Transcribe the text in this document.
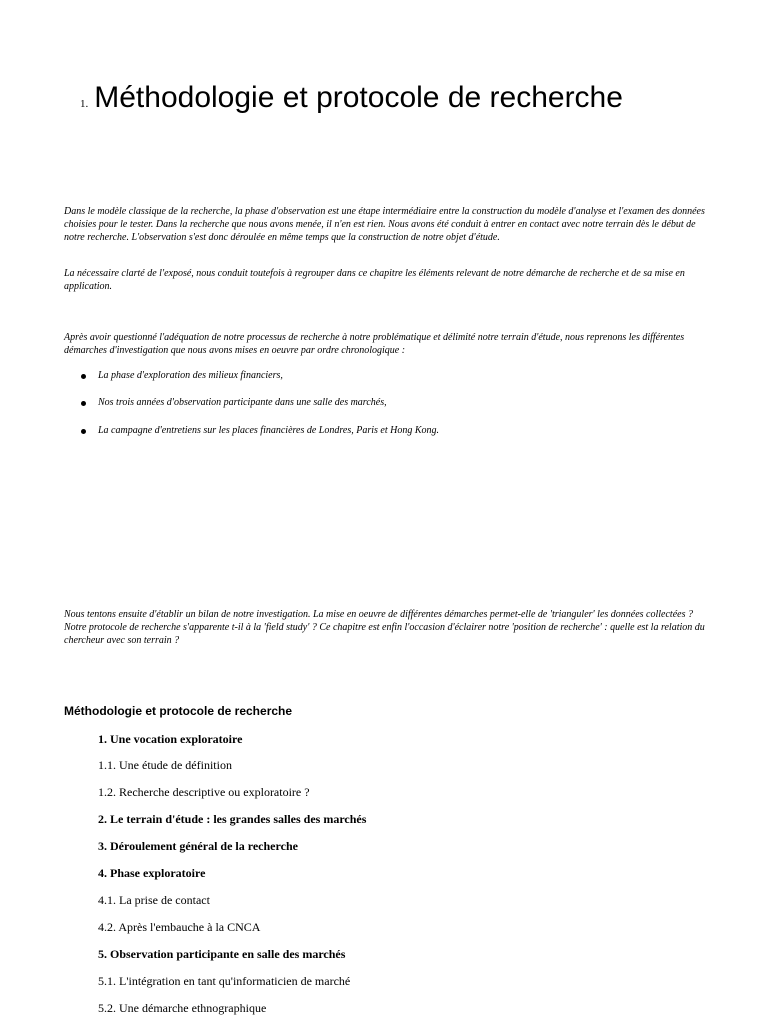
1. Méthodologie et protocole de recherche

Dans le modèle classique de la recherche, la phase d'observation est une étape intermédiaire entre la construction du modèle d'analyse et l'examen des données choisies pour le tester. Dans la recherche que nous avons menée, il n'en est rien. Nous avons été conduit à entrer en contact avec notre terrain dès le début de notre recherche. L'observation s'est donc déroulée en même temps que la construction de notre objet d'étude.

La nécessaire clarté de l'exposé, nous conduit toutefois à regrouper dans ce chapitre les éléments relevant de notre démarche de recherche et de sa mise en application.

Après avoir questionné l'adéquation de notre processus de recherche à notre problématique et délimité notre terrain d'étude, nous reprenons les différentes démarches d'investigation que nous avons mises en oeuvre par ordre chronologique :

La phase d'exploration des milieux financiers,
Nos trois années d'observation participante dans une salle des marchés,
La campagne d'entretiens sur les places financières de Londres, Paris et Hong Kong.

Nous tentons ensuite d'établir un bilan de notre investigation. La mise en oeuvre de différentes démarches permet-elle de 'trianguler' les données collectées ? Notre protocole de recherche s'apparente t-il à la 'field study' ? Ce chapitre est enfin l'occasion d'éclairer notre 'position de recherche' : quelle est la relation du chercheur avec son terrain ?

Méthodologie et protocole de recherche
1. Une vocation exploratoire
1.1. Une étude de définition
1.2. Recherche descriptive ou exploratoire ?
2. Le terrain d'étude : les grandes salles des marchés
3. Déroulement général de la recherche
4. Phase exploratoire
4.1. La prise de contact
4.2. Après l'embauche à la CNCA
5. Observation participante en salle des marchés
5.1. L'intégration en tant qu'informaticien de marché
5.2. Une démarche ethnographique
